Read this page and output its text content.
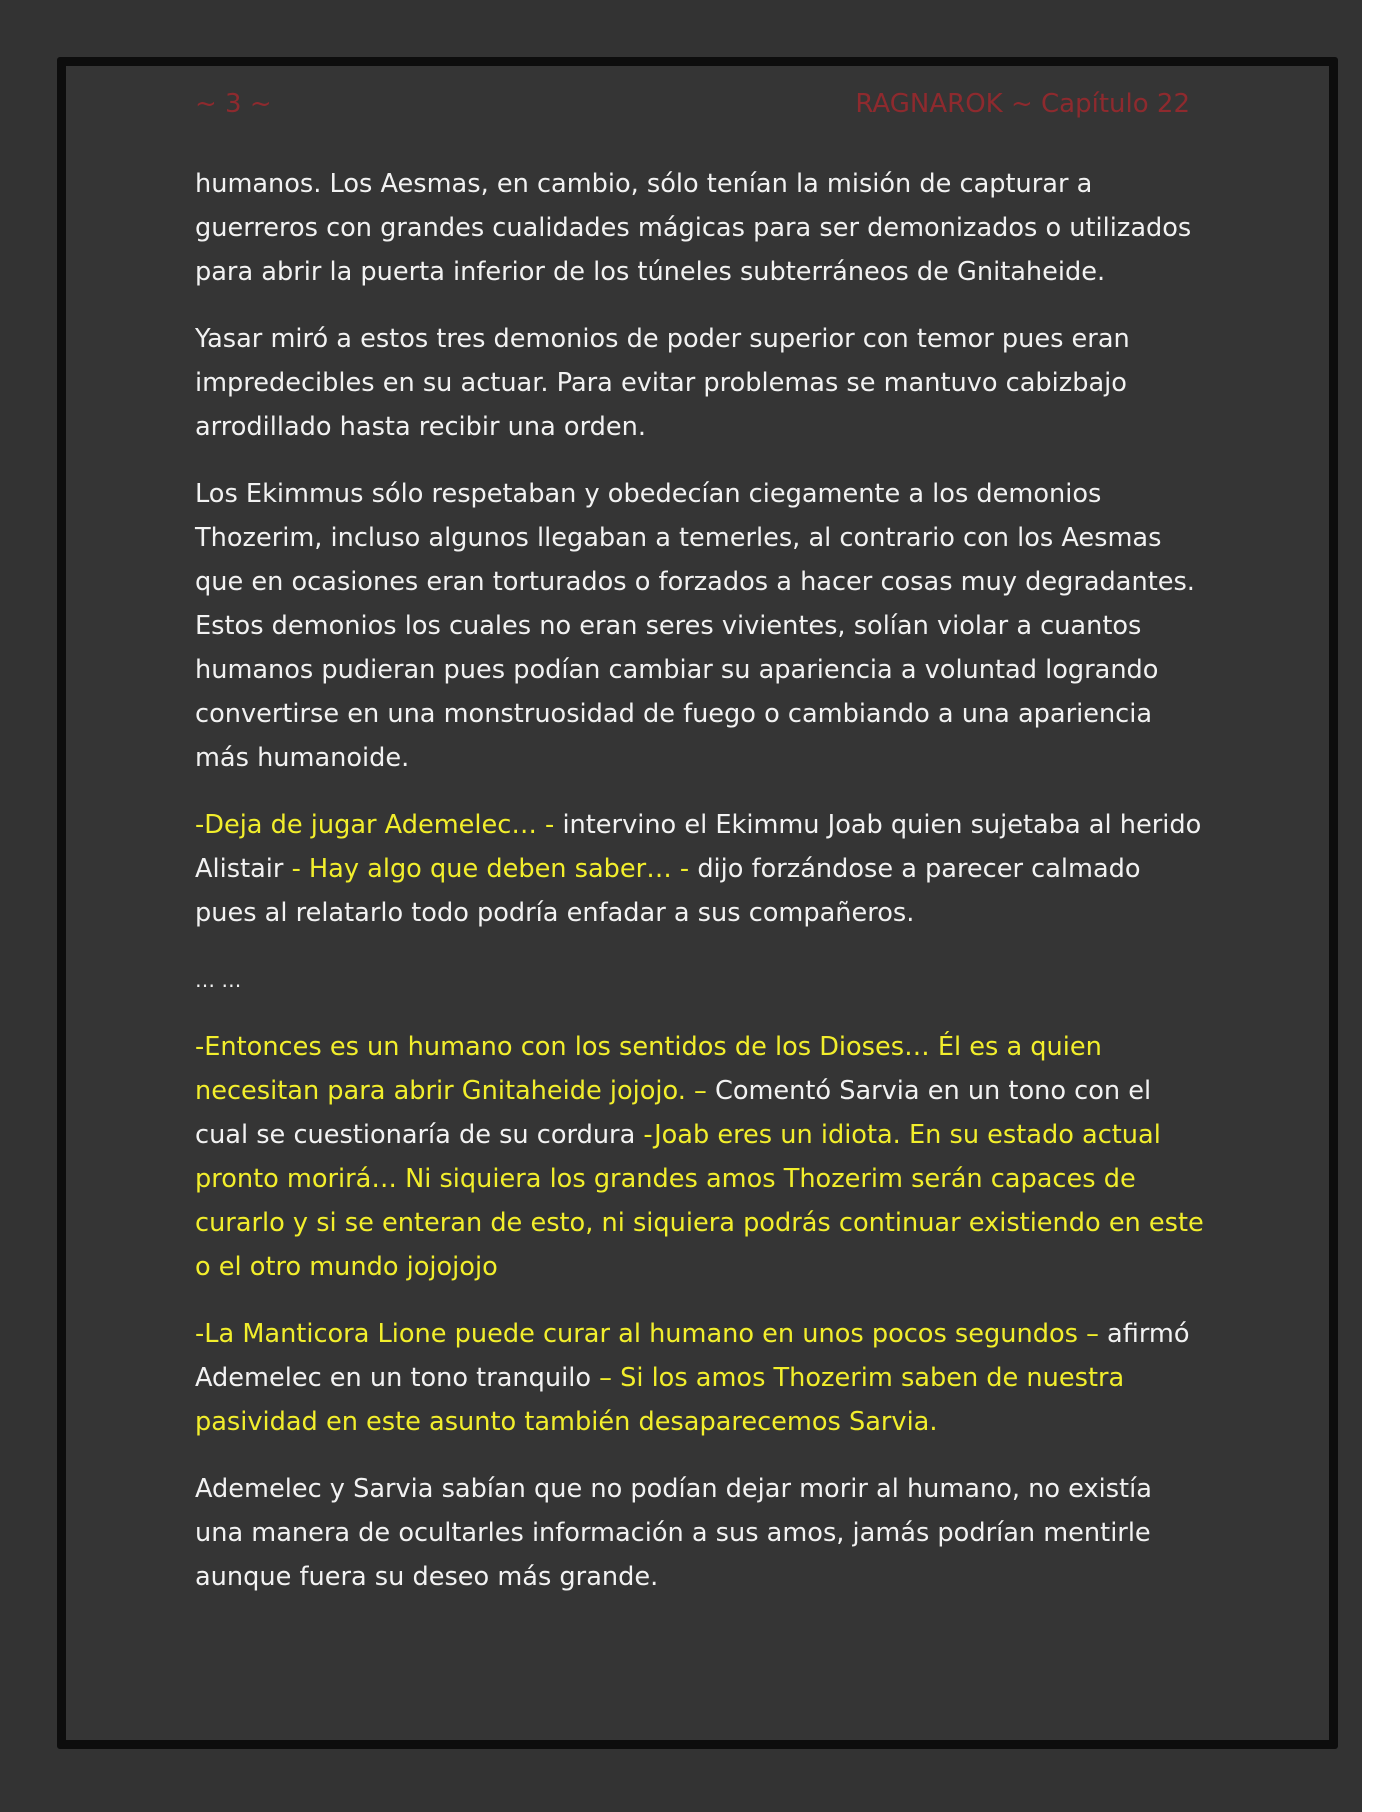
~ 3 ~	RAGNAROK ~ Capítulo 22

humanos. Los Aesmas, en cambio, sólo tenían la misión de capturar a guerreros con grandes cualidades mágicas para ser demonizados o utilizados para abrir la puerta inferior de los túneles subterráneos de Gnitaheide.

Yasar miró a estos tres demonios de poder superior con temor pues eran impredecibles en su actuar. Para evitar problemas se mantuvo cabizbajo arrodillado hasta recibir una orden.

Los Ekimmus sólo respetaban y obedecían ciegamente a los demonios Thozerim, incluso algunos llegaban a temerles, al contrario con los Aesmas que en ocasiones eran torturados o forzados a hacer cosas muy degradantes. Estos demonios los cuales no eran seres vivientes, solían violar a cuantos humanos pudieran pues podían cambiar su apariencia a voluntad logrando convertirse en una monstruosidad de fuego o cambiando a una apariencia más humanoide.

-Deja de jugar Ademelec… - intervino el Ekimmu Joab quien sujetaba al herido Alistair - Hay algo que deben saber… - dijo forzándose a parecer calmado pues al relatarlo todo podría enfadar a sus compañeros.

… …

-Entonces es un humano con los sentidos de los Dioses… Él es a quien necesitan para abrir Gnitaheide jojojo. – Comentó Sarvia en un tono con el cual se cuestionaría de su cordura -Joab eres un idiota. En su estado actual pronto morirá… Ni siquiera los grandes amos Thozerim serán capaces de curarlo y si se enteran de esto, ni siquiera podrás continuar existiendo en este o el otro mundo jojojojo

-La Manticora Lione puede curar al humano en unos pocos segundos – afirmó Ademelec en un tono tranquilo – Si los amos Thozerim saben de nuestra pasividad en este asunto también desaparecemos Sarvia.

Ademelec y Sarvia sabían que no podían dejar morir al humano, no existía una manera de ocultarles información a sus amos, jamás podrían mentirle aunque fuera su deseo más grande.
